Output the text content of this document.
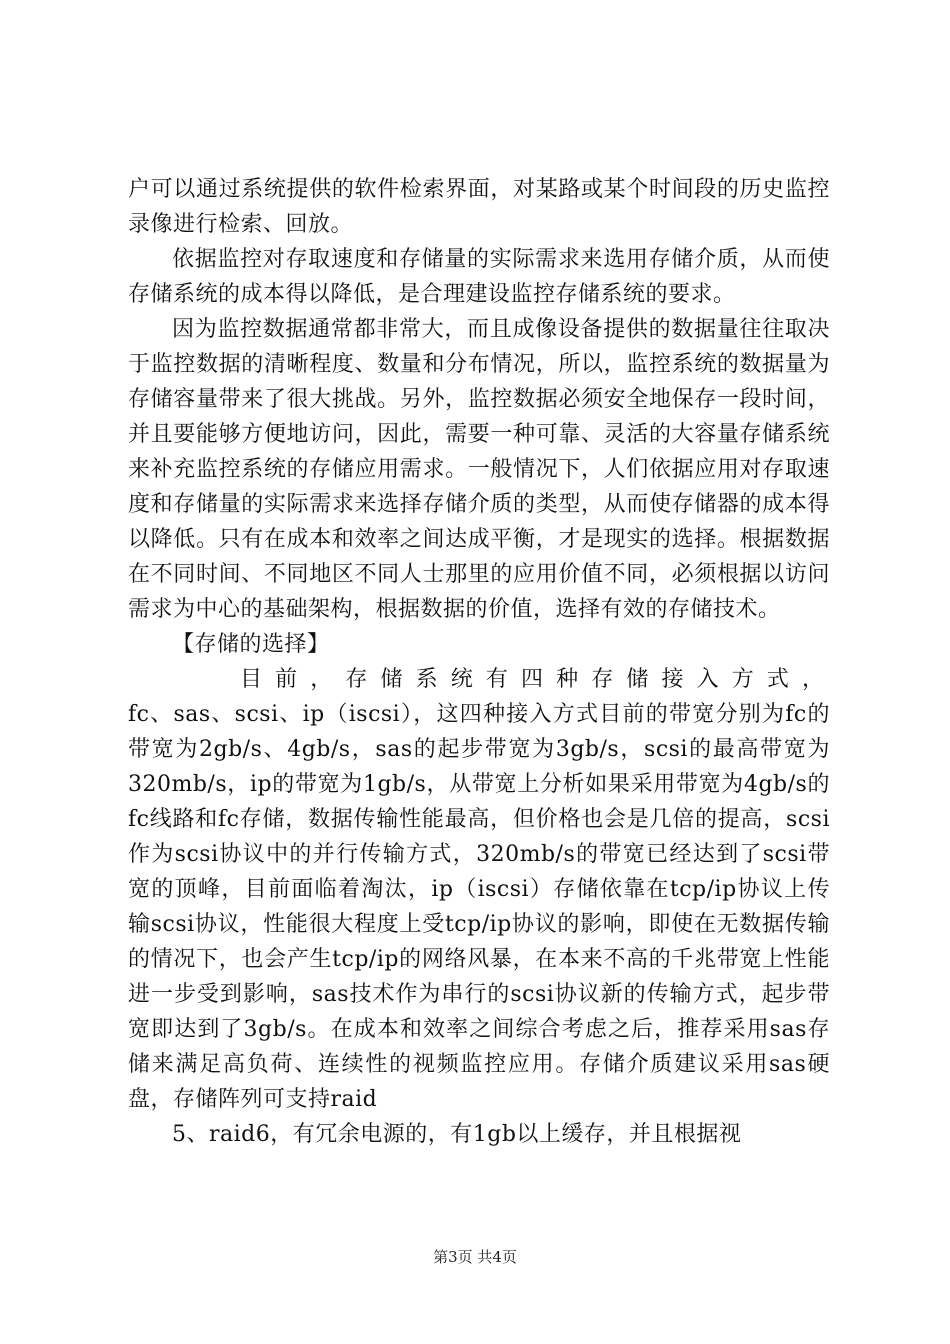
户可以通过系统提供的软件检索界面，对某路或某个时间段的历史监控录像进行检索、回放。

依据监控对存取速度和存储量的实际需求来选用存储介质，从而使存储系统的成本得以降低，是合理建设监控存储系统的要求。

因为监控数据通常都非常大，而且成像设备提供的数据量往往取决于监控数据的清晰程度、数量和分布情况，所以，监控系统的数据量为存储容量带来了很大挑战。另外，监控数据必须安全地保存一段时间，并且要能够方便地访问，因此，需要一种可靠、灵活的大容量存储系统来补充监控系统的存储应用需求。一般情况下，人们依据应用对存取速度和存储量的实际需求来选择存储介质的类型，从而使存储器的成本得以降低。只有在成本和效率之间达成平衡，才是现实的选择。根据数据在不同时间、不同地区不同人士那里的应用价值不同，必须根据以访问需求为中心的基础架构，根据数据的价值，选择有效的存储技术。

【存储的选择】

目前，存储系统有四种存储接入方式，

fc、sas、scsi、ip（iscsi），这四种接入方式目前的带宽分别为fc的带宽为2gb/s、4gb/s，sas的起步带宽为3gb/s，scsi的最高带宽为320mb/s，ip的带宽为1gb/s，从带宽上分析如果采用带宽为4gb/s的fc线路和fc存储，数据传输性能最高，但价格也会是几倍的提高，scsi作为scsi协议中的并行传输方式，320mb/s的带宽已经达到了scsi带宽的顶峰，目前面临着淘汰，ip（iscsi）存储依靠在tcp/ip协议上传输scsi协议，性能很大程度上受tcp/ip协议的影响，即使在无数据传输的情况下，也会产生tcp/ip的网络风暴，在本来不高的千兆带宽上性能进一步受到影响，sas技术作为串行的scsi协议新的传输方式，起步带宽即达到了3gb/s。在成本和效率之间综合考虑之后，推荐采用sas存储来满足高负荷、连续性的视频监控应用。存储介质建议采用sas硬盘，存储阵列可支持raid

5、raid6，有冗余电源的，有1gb以上缓存，并且根据视

第3页 共4页
